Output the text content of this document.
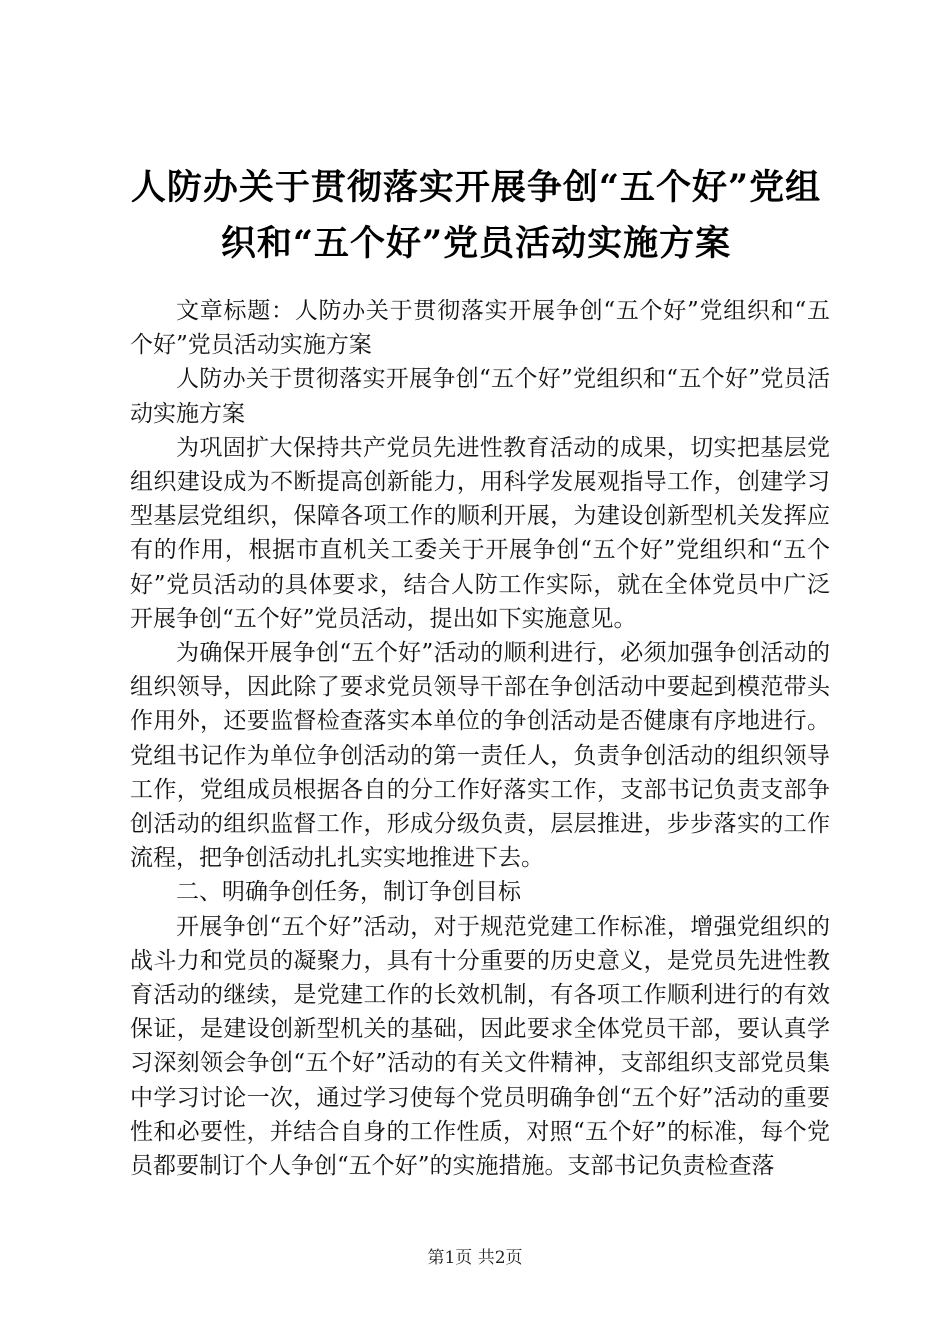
人防办关于贯彻落实开展争创“五个好”党组
织和“五个好”党员活动实施方案

文章标题：人防办关于贯彻落实开展争创“五个好”党组织和“五个好”党员活动实施方案

人防办关于贯彻落实开展争创“五个好”党组织和“五个好”党员活动实施方案

为巩固扩大保持共产党员先进性教育活动的成果，切实把基层党组织建设成为不断提高创新能力，用科学发展观指导工作，创建学习型基层党组织，保障各项工作的顺利开展，为建设创新型机关发挥应有的作用，根据市直机关工委关于开展争创“五个好”党组织和“五个好”党员活动的具体要求，结合人防工作实际，就在全体党员中广泛开展争创“五个好”党员活动，提出如下实施意见。

为确保开展争创“五个好”活动的顺利进行，必须加强争创活动的组织领导，因此除了要求党员领导干部在争创活动中要起到模范带头作用外，还要监督检查落实本单位的争创活动是否健康有序地进行。党组书记作为单位争创活动的第一责任人，负责争创活动的组织领导工作，党组成员根据各自的分工作好落实工作，支部书记负责支部争创活动的组织监督工作，形成分级负责，层层推进，步步落实的工作流程，把争创活动扎扎实实地推进下去。

二、明确争创任务，制订争创目标

开展争创“五个好”活动，对于规范党建工作标准，增强党组织的战斗力和党员的凝聚力，具有十分重要的历史意义，是党员先进性教育活动的继续，是党建工作的长效机制，有各项工作顺利进行的有效保证，是建设创新型机关的基础，因此要求全体党员干部，要认真学习深刻领会争创“五个好”活动的有关文件精神，支部组织支部党员集中学习讨论一次，通过学习使每个党员明确争创“五个好”活动的重要性和必要性，并结合自身的工作性质，对照“五个好”的标准，每个党员都要制订个人争创“五个好”的实施措施。支部书记负责检查落

第1页 共2页
